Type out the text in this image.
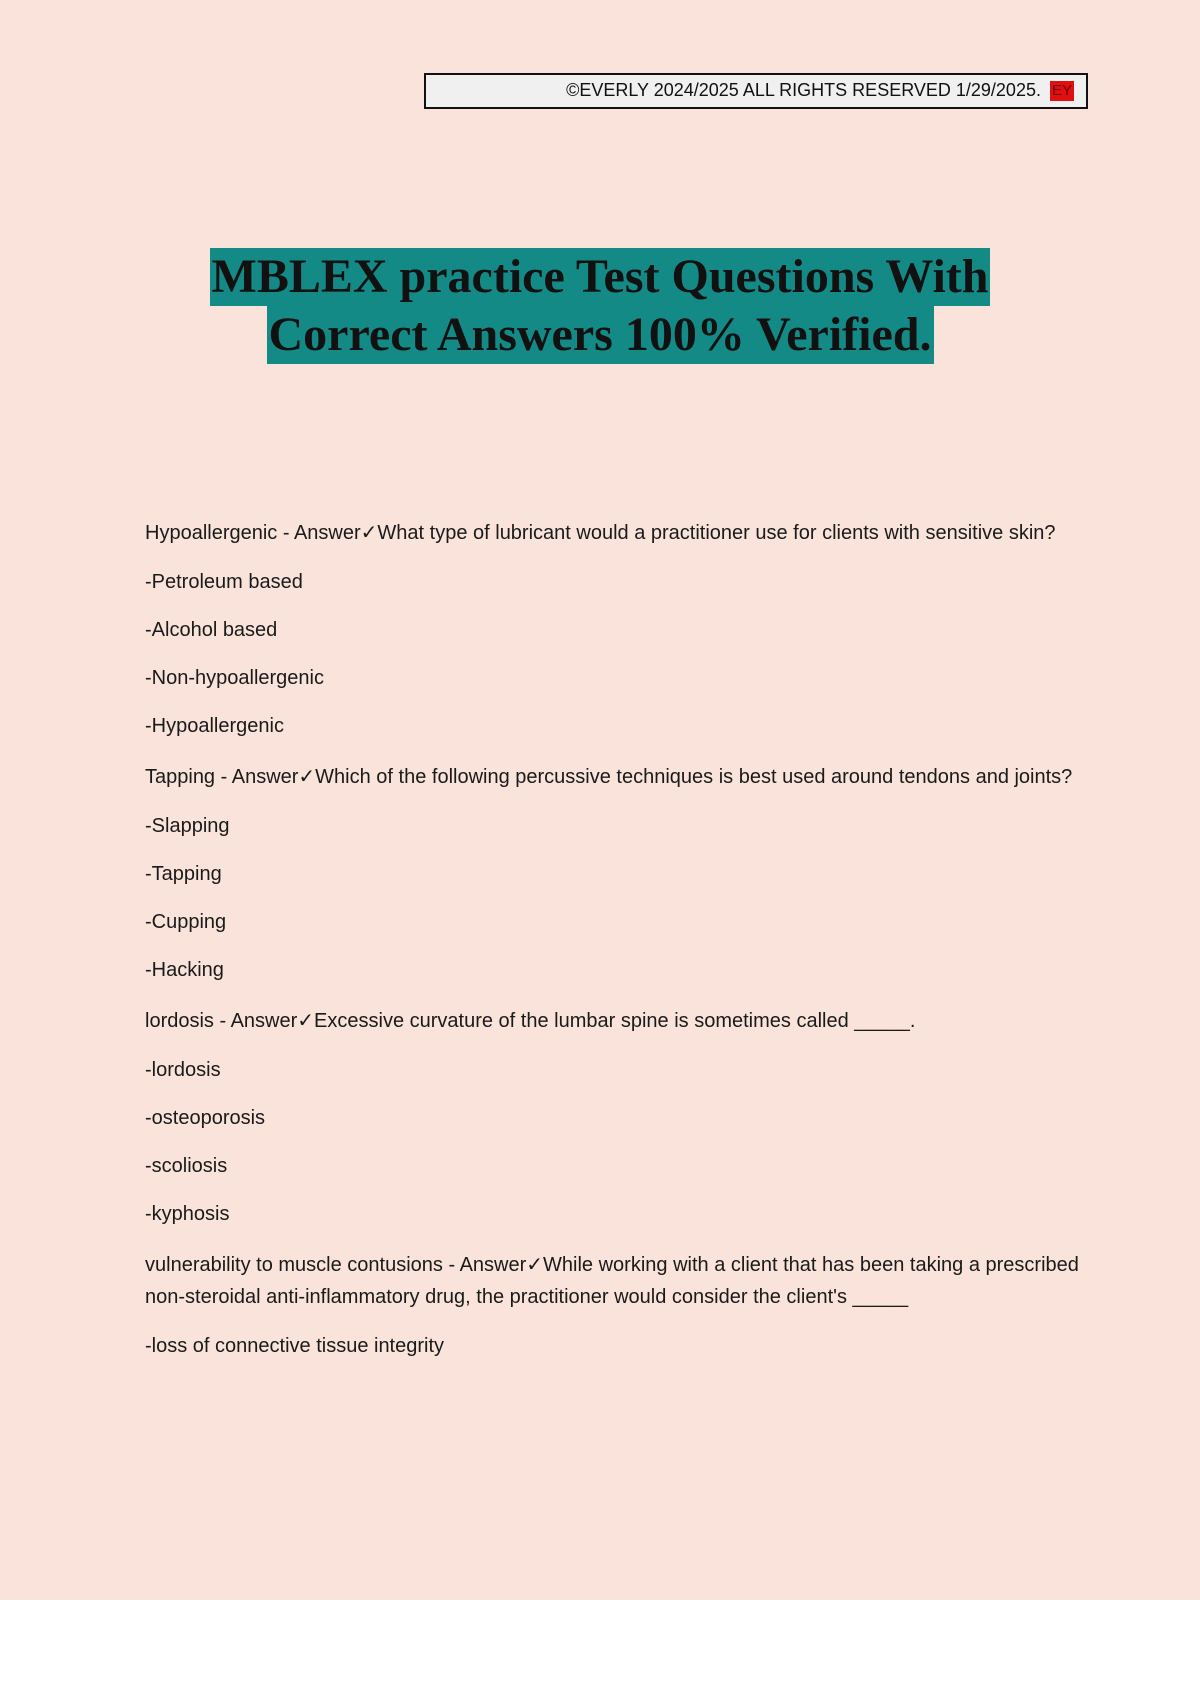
©EVERLY 2024/2025 ALL RIGHTS RESERVED 1/29/2025. EY
MBLEX practice Test Questions With
Correct Answers 100% Verified.

Hypoallergenic - Answer✓What type of lubricant would a practitioner use for clients with sensitive skin?

-Petroleum based

-Alcohol based

-Non-hypoallergenic

-Hypoallergenic

Tapping - Answer✓Which of the following percussive techniques is best used around tendons and joints?

-Slapping

-Tapping

-Cupping

-Hacking

lordosis - Answer✓Excessive curvature of the lumbar spine is sometimes called _____.

-lordosis

-osteoporosis

-scoliosis

-kyphosis

vulnerability to muscle contusions - Answer✓While working with a client that has been taking a prescribed non-steroidal anti-inflammatory drug, the practitioner would consider the client's _____

-loss of connective tissue integrity
